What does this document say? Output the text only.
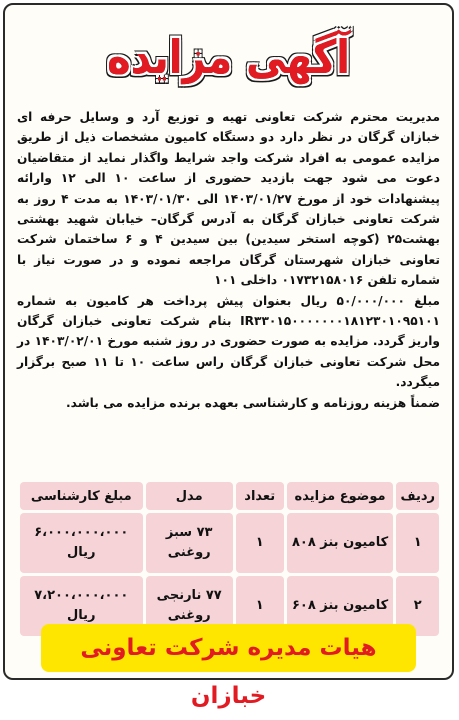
آگهی مزایده

مدیریت محترم شرکت تعاونی تهیه و توزیع آرد و وسایل حرفه ای خبازان گرگان در نظر دارد دو دستگاه کامیون مشخصات ذیل از طریق مزایده عمومی به افراد شرکت واجد شرایط واگذار نماید از متقاضیان دعوت می شود جهت بازدید حضوری از ساعت ۱۰ الی ۱۲ وارائه پیشنهادات خود از مورخ ۱۴۰۳/۰۱/۲۷ الی ۱۴۰۳/۰۱/۳۰ به مدت ۴ روز به شرکت تعاونی خبازان گرگان به آدرس گرگان– خیابان شهید بهشتی بهشت۲۵ (کوچه استخر سیدین) بین سیدین ۴ و ۶ ساختمان شرکت تعاونی خبازان شهرستان گرگان مراجعه نموده و در صورت نیاز با شماره تلفن ۰۱۷۳۲۱۵۸۰۱۶ داخلی ۱۰۱

مبلغ ۵۰/۰۰۰/۰۰۰ ریال بعنوان پیش پرداخت هر کامیون به شماره IR۳۳۰۱۵۰۰۰۰۰۰۰۱۸۱۲۳۰۱۰۹۵۱۰۱ بنام شرکت تعاونی خبازان گرگان واریز گردد. مزایده به صورت حضوری در روز شنبه مورخ ۱۴۰۳/۰۲/۰۱ در محل شرکت تعاونی خبازان گرگان راس ساعت ۱۰ تا ۱۱ صبح برگزار میگردد.

ضمناً هزینه روزنامه و کارشناسی بعهده برنده مزایده می باشد.

ردیف	موضوع مزایده	تعداد	مدل	مبلغ کارشناسی
۱	کامیون بنز ۸۰۸	۱	۷۳ سبز روغنی	۶،۰۰۰،۰۰۰،۰۰۰ ریال

۲	کامیون بنز ۶۰۸	۱	۷۷ نارنجی روغنی	۷،۲۰۰،۰۰۰،۰۰۰ ریال
هیات مدیره شرکت تعاونی خبازان
